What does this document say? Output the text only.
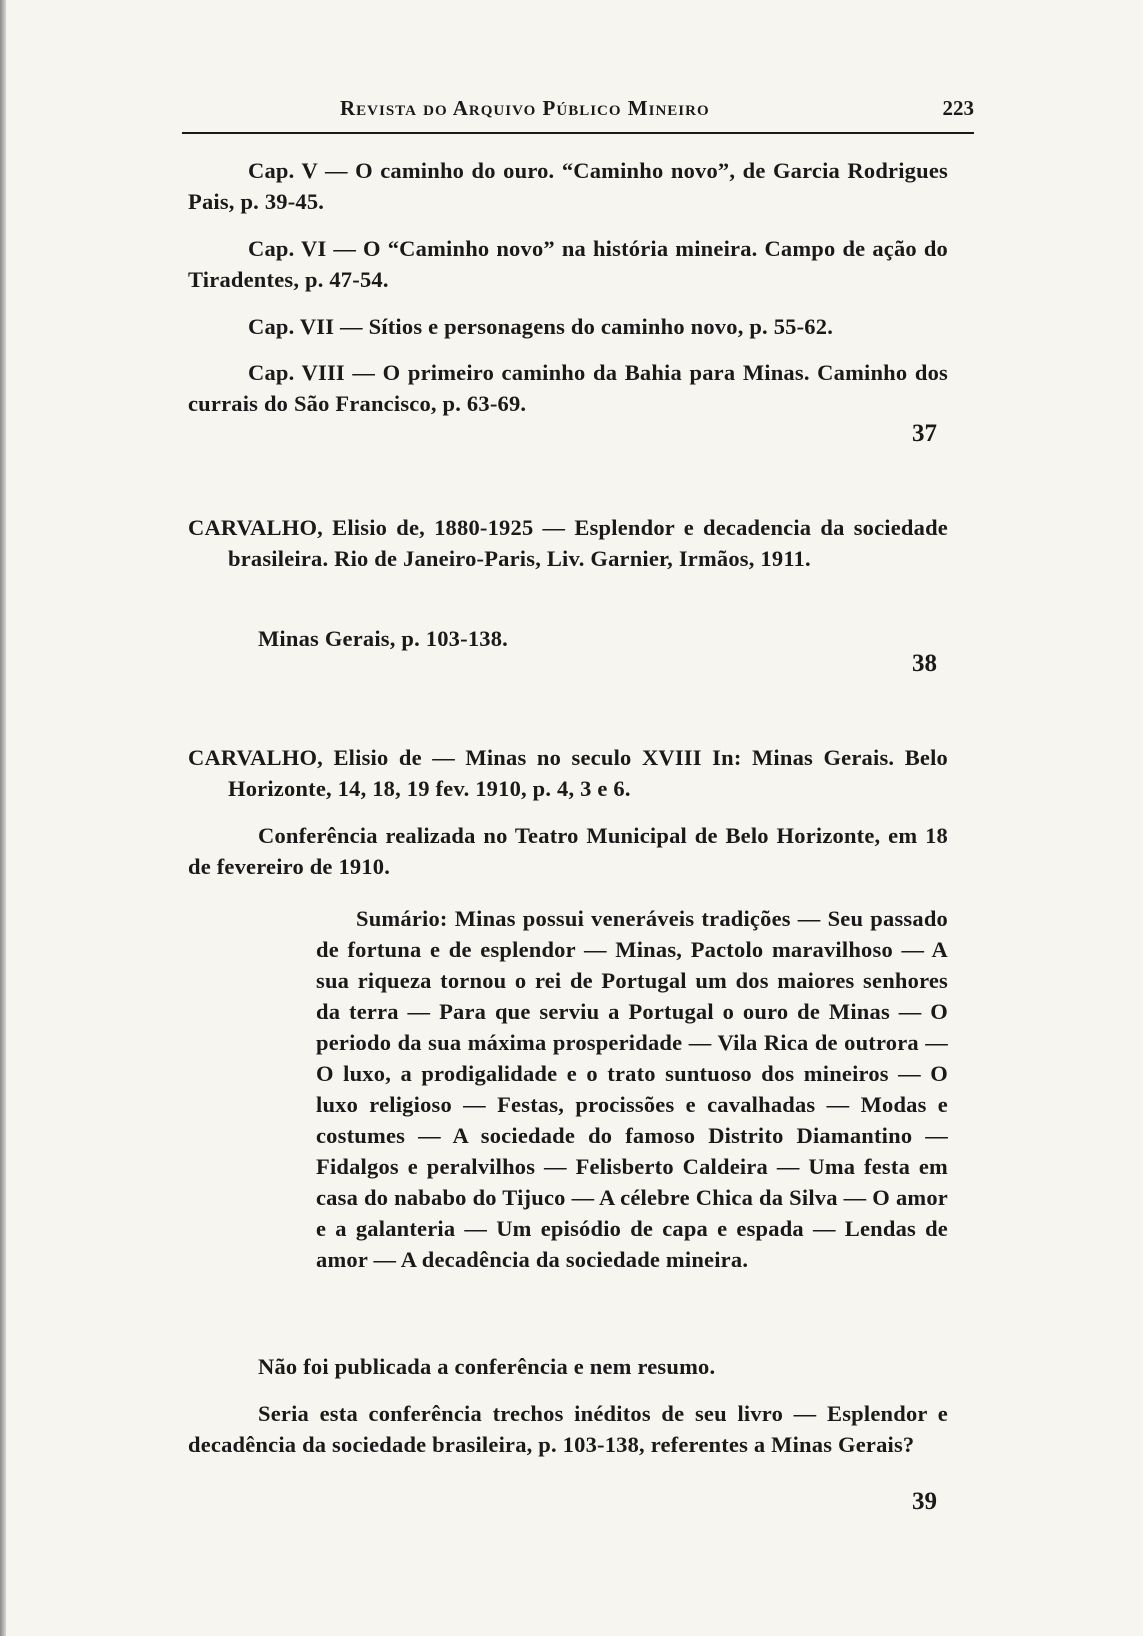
Revista do Arquivo Público Mineiro	223
Cap. V — O caminho do ouro. “Caminho novo”, de Garcia Rodrigues Pais, p. 39-45.
Cap. VI — O “Caminho novo” na história mineira. Campo de ação do Tiradentes, p. 47-54.
Cap. VII — Sítios e personagens do caminho novo, p. 55-62.
Cap. VIII — O primeiro caminho da Bahia para Minas. Caminho dos currais do São Francisco, p. 63-69.
37
CARVALHO, Elisio de, 1880-1925 — Esplendor e decadencia da sociedade brasileira. Rio de Janeiro-Paris, Liv. Garnier, Irmãos, 1911.
Minas Gerais, p. 103-138.
38
CARVALHO, Elisio de — Minas no seculo XVIII In: Minas Gerais. Belo Horizonte, 14, 18, 19 fev. 1910, p. 4, 3 e 6.
Conferência realizada no Teatro Municipal de Belo Horizonte, em 18 de fevereiro de 1910.
Sumário: Minas possui veneráveis tradições — Seu passado de fortuna e de esplendor — Minas, Pactolo maravilhoso — A sua riqueza tornou o rei de Portugal um dos maiores senhores da terra — Para que serviu a Portugal o ouro de Minas — O periodo da sua máxima prosperidade — Vila Rica de outrora — O luxo, a prodigalidade e o trato suntuoso dos mineiros — O luxo religioso — Festas, procissões e cavalhadas — Modas e costumes — A sociedade do famoso Distrito Diamantino — Fidalgos e peralvilhos — Felisberto Caldeira — Uma festa em casa do nababo do Tijuco — A célebre Chica da Silva — O amor e a galanteria — Um episódio de capa e espada — Lendas de amor — A decadência da sociedade mineira.
Não foi publicada a conferência e nem resumo.
Seria esta conferência trechos inéditos de seu livro — Esplendor e decadência da sociedade brasileira, p. 103-138, referentes a Minas Gerais?
39
